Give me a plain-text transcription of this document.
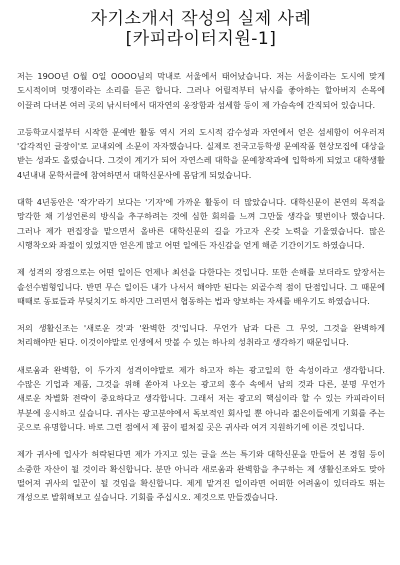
자기소개서 작성의 실제 사례
[카피라이터지원-1]

저는 19OO년 O월 O일 OOOO님의 막내로 서울에서 태어났습니다. 저는 서울이라는 도시에 맞게 도시적이며 멋쟁이라는 소리를 듣곤 합니다. 그러나 어릴적부터 낚시를 좋아하는 할아버지 손목에 이끌려 다녀본 여러 곳의 낚시터에서 대자연의 웅장함과 섬세함 등이 제 가슴속에 간직되어 있습니다.

고등학교시절부터 시작한 문예반 활동 역시 거의 도시적 감수성과 자연에서 얻은 섬세함이 어우러져 '갑각적인 글장이'로 교내외에 소문이 자자했습니다. 실제로 전국고등학생 문예작품 현상모집에 대상을 받는 성과도 올렸습니다. 그것이 계기가 되어 자연스레 대학을 문예창작과에 입학하게 되었고 대학생활 4년내내 문학서클에 참여하면서 대학신문사에 몸담게 되었습니다.

대학 4년동안은 '작가'라기 보다는 '기자'에 가까운 활동이 더 많았습니다. 대학신문이 본연의 목적을 망각한 채 기성언론의 방식을 추구하려는 것에 심한 회의를 느껴 그만둘 생각을 몇번이나 했습니다. 그러나 제가 편집장을 맡으면서 올바른 대학신문의 길을 가고자 온갖 노력을 기울였습니다. 많은 시행착오와 좌절이 있었지만 얻은게 많고 어떤 일에든 자신감을 얻게 해준 기간이기도 하였습니다.

제 성격의 장점으로는 어떤 일이든 언제나 최선을 다한다는 것입니다. 또한 손해를 보더라도 앞장서는 솔선수범형입니다. 반면 무슨 일이든 내가 나서서 해야만 된다는 외골수적 점이 단점입니다. 그 때문에 때때로 동료들과 부딪치기도 하지만 그러면서 협동하는 법과 양보하는 자세를 배우기도 하였습니다.

저의 생활신조는 '새로운 것'과 '완벽한 것'입니다. 무언가 남과 다른 그 무엇, 그것을 완벽하게 처리해야만 된다. 이것이야말로 인생에서 맛볼 수 있는 하나의 성취라고 생각하기 때문입니다.

새로움과 완벽함, 이 두가지 성격이야말로 제가 하고자 하는 광고일의 한 속성이라고 생각합니다. 수많은 기업과 제품, 그것을 위해 쏟아져 나오는 광고의 홍수 속에서 남의 것과 다른, 분명 무언가 새로운 차별화 전략이 중요하다고 생각합니다. 그래서 저는 광고의 핵심이라 할 수 있는 카피라이터 부분에 응시하고 싶습니다. 귀사는 광고분야에서 독보적인 회사일 뿐 아니라 젊은이들에게 기회를 주는 곳으로 유명합니다. 바로 그런 점에서 제 꿈이 펼쳐질 곳은 귀사라 여겨 지원하기에 이른 것입니다.

제가 귀사에 입사가 허락된다면 제가 가지고 있는 글을 쓰는 특기와 대학신문을 만들어 본 경험 등이 소중한 자산이 될 것이라 확신합니다. 분만 아니라 새로움과 완벽함을 추구하는 제 생활신조와도 맞아 떨어져 귀사의 일꾼이 될 것임을 확신합니다. 제게 맡겨진 일이라면 어떠한 어려움이 있더라도 뛰는 개성으로 발휘해보고 싶습니다. 기회를 주십시오. 제것으로 만들겠습니다.
